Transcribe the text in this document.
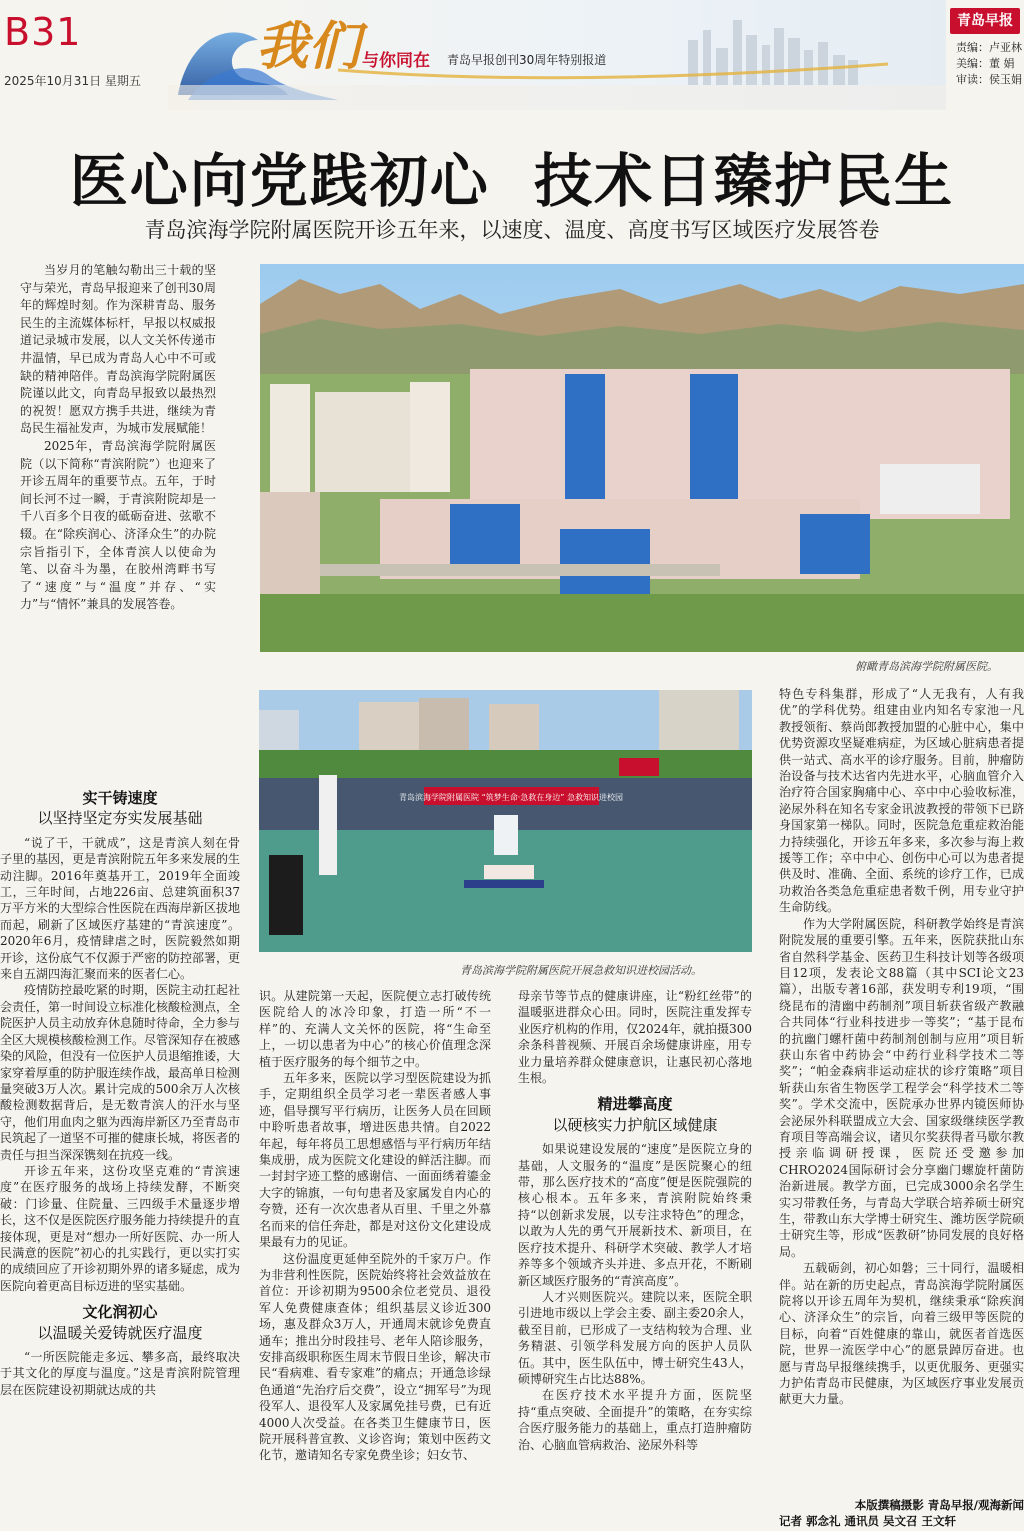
B31
2025年10月31日 星期五
我们 与你同在 青岛早报创刊30周年特别报道
青岛早报
责编：卢亚林
美编：董 娟
审读：侯玉娟
医心向党践初心  技术日臻护民生
青岛滨海学院附属医院开诊五年来，以速度、温度、高度书写区域医疗发展答卷
俯瞰青岛滨海学院附属医院。
青岛滨海学院附属医院 “筑梦生命·急救在身边” 急救知识进校园
青岛滨海学院附属医院开展急救知识进校园活动。

当岁月的笔触勾勒出三十载的坚守与荣光，青岛早报迎来了创刊30周年的辉煌时刻。作为深耕青岛、服务民生的主流媒体标杆，早报以权威报道记录城市发展，以人文关怀传递市井温情，早已成为青岛人心中不可或缺的精神陪伴。青岛滨海学院附属医院谨以此文，向青岛早报致以最热烈的祝贺！愿双方携手共进，继续为青岛民生福祉发声，为城市发展赋能！

2025年，青岛滨海学院附属医院（以下简称“青滨附院”）也迎来了开诊五周年的重要节点。五年，于时间长河不过一瞬，于青滨附院却是一千八百多个日夜的砥砺奋进、弦歌不辍。在“除疾润心、济泽众生”的办院宗旨指引下，全体青滨人以使命为笔、以奋斗为墨，在胶州湾畔书写了“速度”与“温度”并存、“实力”与“情怀”兼具的发展答卷。

实干铸速度
以坚持坚定夯实发展基础

“说了干，干就成”，这是青滨人刻在骨子里的基因，更是青滨附院五年多来发展的生动注脚。2016年奠基开工，2019年全面竣工，三年时间，占地226亩、总建筑面积37万平方米的大型综合性医院在西海岸新区拔地而起，刷新了区域医疗基建的“青滨速度”。2020年6月，疫情肆虐之时，医院毅然如期开诊，这份底气不仅源于严密的防控部署，更来自五湖四海汇聚而来的医者仁心。

疫情防控最吃紧的时期，医院主动扛起社会责任，第一时间设立标准化核酸检测点，全院医护人员主动放弃休息随时待命，全力参与全区大规模核酸检测工作。尽管深知存在被感染的风险，但没有一位医护人员退缩推诿，大家穿着厚重的防护服连续作战，最高单日检测量突破3万人次。累计完成的500余万人次核酸检测数据背后，是无数青滨人的汗水与坚守，他们用血肉之躯为西海岸新区乃至青岛市民筑起了一道坚不可摧的健康长城，将医者的责任与担当深深镌刻在抗疫一线。

开诊五年来，这份攻坚克难的“青滨速度”在医疗服务的战场上持续发酵，不断突破：门诊量、住院量、三四级手术量逐步增长，这不仅是医院医疗服务能力持续提升的直接体现，更是对“想办一所好医院、办一所人民满意的医院”初心的扎实践行，更以实打实的成绩回应了开诊初期外界的诸多疑虑，成为医院向着更高目标迈进的坚实基础。

文化润初心
以温暖关爱铸就医疗温度

“一所医院能走多远、攀多高，最终取决于其文化的厚度与温度。”这是青滨附院管理层在医院建设初期就达成的共

识。从建院第一天起，医院便立志打破传统医院给人的冰冷印象，打造一所“不一样”的、充满人文关怀的医院，将“生命至上，一切以患者为中心”的核心价值理念深植于医疗服务的每个细节之中。

五年多来，医院以学习型医院建设为抓手，定期组织全员学习老一辈医者感人事迹，倡导撰写平行病历，让医务人员在回顾中聆听患者故事，增进医患共情。自2022年起，每年将员工思想感悟与平行病历年结集成册，成为医院文化建设的鲜活注脚。而一封封字迹工整的感谢信、一面面绣着鎏金大字的锦旗，一句句患者及家属发自内心的夸赞，还有一次次患者从百里、千里之外慕名而来的信任奔赴，都是对这份文化建设成果最有力的见证。

这份温度更延伸至院外的千家万户。作为非营利性医院，医院始终将社会效益放在首位：开诊初期为9500余位老党员、退役军人免费健康查体；组织基层义诊近300场，惠及群众3万人，开通周末就诊免费直通车；推出分时段挂号、老年人陪诊服务，安排高级职称医生周末节假日坐诊，解决市民“看病难、看专家难”的痛点；开通急诊绿色通道“先治疗后交费”，设立“拥军号”为现役军人、退役军人及家属免挂号费，已有近4000人次受益。在各类卫生健康节日，医院开展科普宣教、义诊咨询；策划中医药文化节，邀请知名专家免费坐诊；妇女节、

母亲节等节点的健康讲座，让“粉红丝带”的温暖驱进群众心田。同时，医院注重发挥专业医疗机构的作用，仅2024年，就拍摄300余条科普视频、开展百余场健康讲座，用专业力量培养群众健康意识，让惠民初心落地生根。

精进攀高度
以硬核实力护航区域健康

如果说建设发展的“速度”是医院立身的基础，人文服务的“温度”是医院聚心的纽带，那么医疗技术的“高度”便是医院强院的核心根本。五年多来，青滨附院始终秉持“以创新求发展，以专注求特色”的理念，以敢为人先的勇气开展新技术、新项目，在医疗技术提升、科研学术突破、教学人才培养等多个领域齐头并进、多点开花，不断刷新区域医疗服务的“青滨高度”。

人才兴则医院兴。建院以来，医院全职引进地市级以上学会主委、副主委20余人，截至目前，已形成了一支结构较为合理、业务精湛、引领学科发展方向的医护人员队伍。其中，医生队伍中，博士研究生43人，硕博研究生占比达88%。

在医疗技术水平提升方面，医院坚持“重点突破、全面提升”的策略，在夯实综合医疗服务能力的基础上，重点打造肿瘤防治、心脑血管病救治、泌尿外科等

特色专科集群，形成了“人无我有，人有我优”的学科优势。组建由业内知名专家池一凡教授领衔、蔡尚郎教授加盟的心脏中心，集中优势资源攻坚疑难病症，为区域心脏病患者提供一站式、高水平的诊疗服务。目前，肿瘤防治设备与技术达省内先进水平，心脑血管介入治疗符合国家胸痛中心、卒中中心验收标准，泌尿外科在知名专家金讯波教授的带领下已跻身国家第一梯队。同时，医院急危重症救治能力持续强化，开诊五年多来，多次参与海上救援等工作；卒中中心、创伤中心可以为患者提供及时、准确、全面、系统的诊疗工作，已成功救治各类急危重症患者数千例，用专业守护生命防线。

作为大学附属医院，科研教学始终是青滨附院发展的重要引擎。五年来，医院获批山东省自然科学基金、医药卫生科技计划等各级项目12项，发表论文88篇（其中SCI论文23篇），出版专著16部，获发明专利19项，“围绕昆布的清幽中药制剂”项目斩获省级产教融合共同体“行业科技进步一等奖”；“基于昆布的抗幽门螺杆菌中药制剂创制与应用”项目斩获山东省中药协会“中药行业科学技术二等奖”；“帕金森病非运动症状的诊疗策略”项目斩获山东省生物医学工程学会“科学技术二等奖”。学术交流中，医院承办世界内镜医师协会泌尿外科联盟成立大会、国家级继续医学教育项目等高端会议，诸贝尔奖获得者马歇尔教授亲临调研授课，医院还受邀参加CHRO2024国际研讨会分享幽门螺旋杆菌防治新进展。教学方面，已完成3000余名学生实习带教任务，与青岛大学联合培养硕士研究生，带教山东大学博士研究生、潍坊医学院硕士研究生等，形成“医教研”协同发展的良好格局。

五载砺剑，初心如磐；三十同行，温暖相伴。站在新的历史起点，青岛滨海学院附属医院将以开诊五周年为契机，继续秉承“除疾润心、济泽众生”的宗旨，向着三级甲等医院的目标，向着“百姓健康的靠山，就医者首选医院，世界一流医学中心”的愿景踔厉奋进。也愿与青岛早报继续携手，以更优服务、更强实力护佑青岛市民健康，为区域医疗事业发展贡献更大力量。

本版撰稿摄影 青岛早报/观海新闻
记者 郭念礼 通讯员 吴文召 王文轩
